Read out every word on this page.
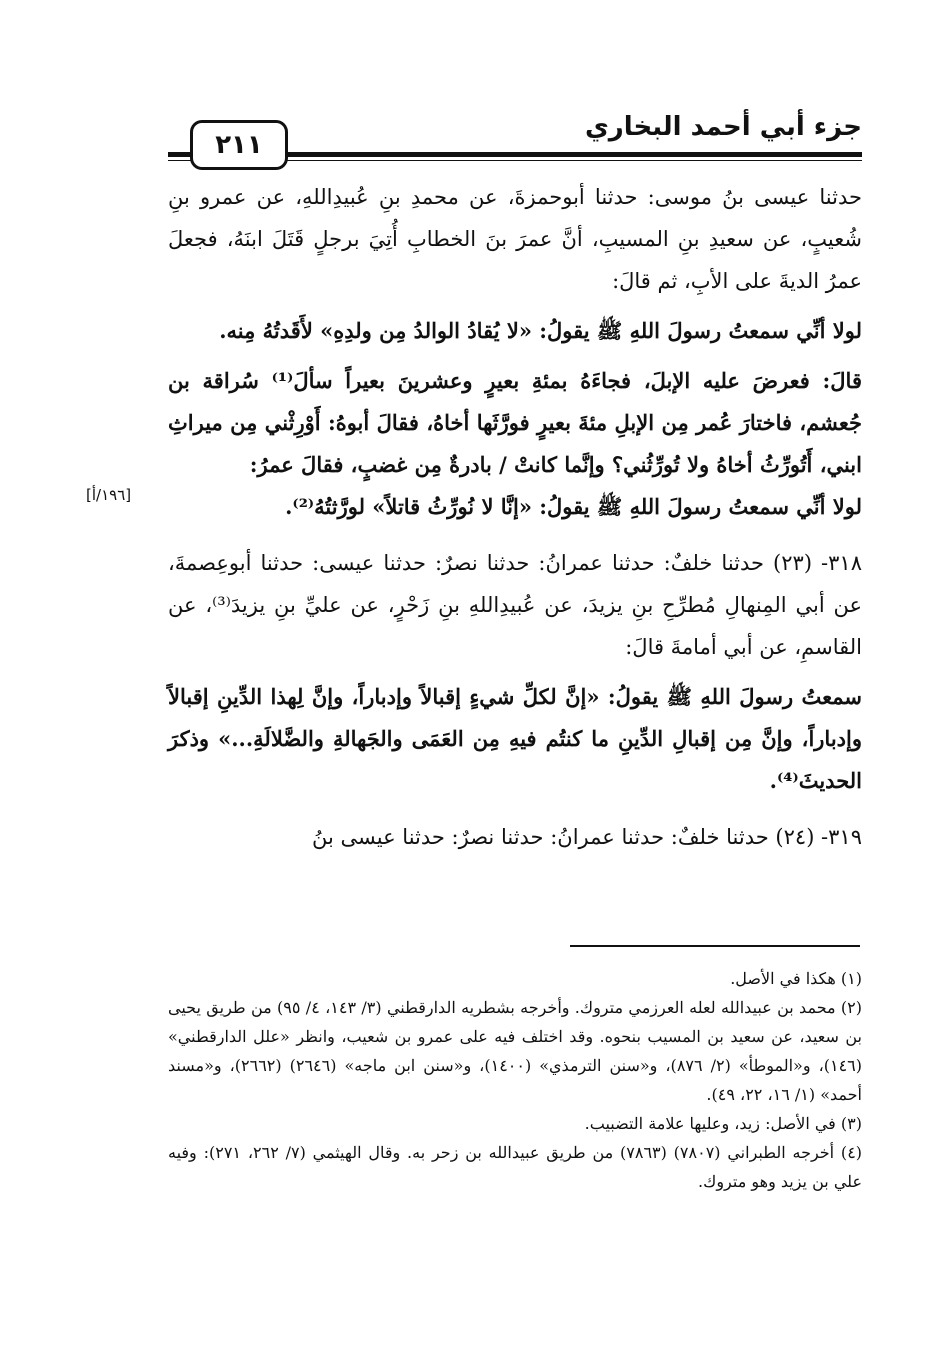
جزء أبي أحمد البخاري
٢١١
[١٩٦/أ]

حدثنا عيسى بنُ موسى: حدثنا أبوحمزةَ، عن محمدِ بنِ عُبيدِاللهِ، عن عمرو بنِ شُعيبٍ، عن سعيدِ بنِ المسيبِ، أنَّ عمرَ بنَ الخطابِ أُتِيَ برجلٍ قَتَلَ ابنَهُ، فجعلَ عمرُ الديةَ على الأبِ، ثم قالَ:

لولا أنِّي سمعتُ رسولَ اللهِ ﷺ يقولُ: «لا يُقادُ الوالدُ مِن ولدِهِ» لأَقَدتُهُ مِنه.

قالَ: فعرضَ عليه الإبلَ، فجاءَهُ بمئةِ بعيرٍ وعشرينَ بعيراً سألَ⁽¹⁾ سُراقة بن جُعشم، فاختارَ عُمر مِن الإبلِ مئةَ بعيرٍ فورَّثَها أخاهُ، فقالَ أبوهُ: أَوْرِثْني مِن ميراثِ ابني، أَتُورِّثُ أخاهُ ولا تُورِّثُني؟ وإنَّما كانتْ / بادرةٌ مِن غضبٍ، فقالَ عمرُ:

لولا أنِّي سمعتُ رسولَ اللهِ ﷺ يقولُ: «إنَّا لا نُورِّثُ قاتلاً» لورَّثتُهُ⁽²⁾.

٣١٨- (٢٣) حدثنا خلفٌ: حدثنا عمرانُ: حدثنا نصرٌ: حدثنا عيسى: حدثنا أبوعِصمةَ، عن أبي المِنهالِ مُطرِّحِ بنِ يزيدَ، عن عُبيدِاللهِ بنِ زَحْرٍ، عن عليِّ بنِ يزيدَ⁽³⁾، عن القاسمِ، عن أبي أمامةَ قالَ:

سمعتُ رسولَ اللهِ ﷺ يقولُ: «إنَّ لكلِّ شيءٍ إقبالاً وإدباراً، وإنَّ لِهذا الدِّينِ إقبالاً وإدباراً، وإنَّ مِن إقبالِ الدِّينِ ما كنتُم فيهِ مِن العَمَى والجَهالةِ والضَّلالَةِ...» وذكرَ الحديثَ⁽⁴⁾.

٣١٩- (٢٤) حدثنا خلفٌ: حدثنا عمرانُ: حدثنا نصرٌ: حدثنا عيسى بنُ

(١) هكذا في الأصل.

(٢) محمد بن عبيدالله لعله العرزمي متروك. وأخرجه بشطريه الدارقطني (٣/ ١٤٣، ٤/ ٩٥) من طريق يحيى بن سعيد، عن سعيد بن المسيب بنحوه. وقد اختلف فيه على عمرو بن شعيب، وانظر «علل الدارقطني» (١٤٦)، و«الموطأ» (٢/ ٨٧٦)، و«سنن الترمذي» (١٤٠٠)، و«سنن ابن ماجه» (٢٦٤٦) (٢٦٦٢)، و«مسند أحمد» (١/ ١٦، ٢٢، ٤٩).

(٣) في الأصل: زيد، وعليها علامة التضبيب.

(٤) أخرجه الطبراني (٧٨٠٧) (٧٨٦٣) من طريق عبيدالله بن زحر به. وقال الهيثمي (٧/ ٢٦٢، ٢٧١): وفيه علي بن يزيد وهو متروك.
